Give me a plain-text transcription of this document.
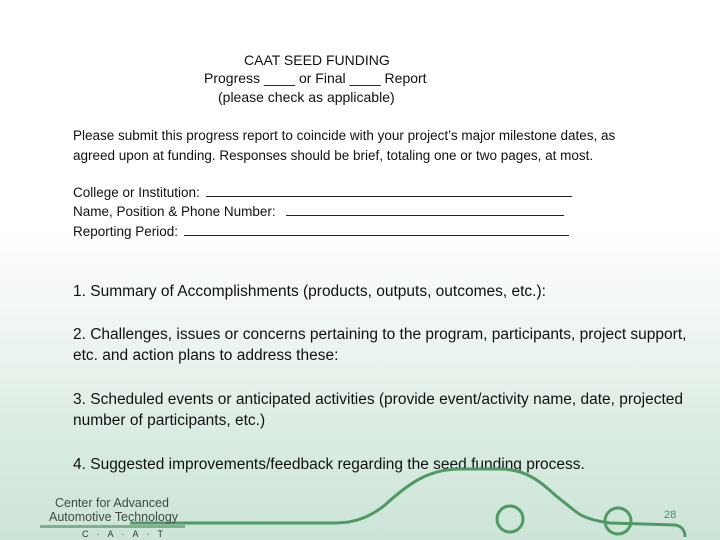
CAAT SEED FUNDING
Progress ____ or Final ____ Report
(please check as applicable)

Please submit this progress report to coincide with your project’s major milestone dates, as

agreed upon at funding. Responses should be brief, totaling one or two pages, at most.

College or Institution:
Name, Position & Phone Number:
Reporting Period:
1. Summary of Accomplishments (products, outputs, outcomes, etc.):
2. Challenges, issues or concerns pertaining to the program, participants, project support, etc. and action plans to address these:
3. Scheduled events or anticipated activities (provide event/activity name, date, projected number of participants, etc.)
4. Suggested improvements/feedback regarding the seed funding process.
Center for Advanced
Automotive Technology
C·A·A·T
28
